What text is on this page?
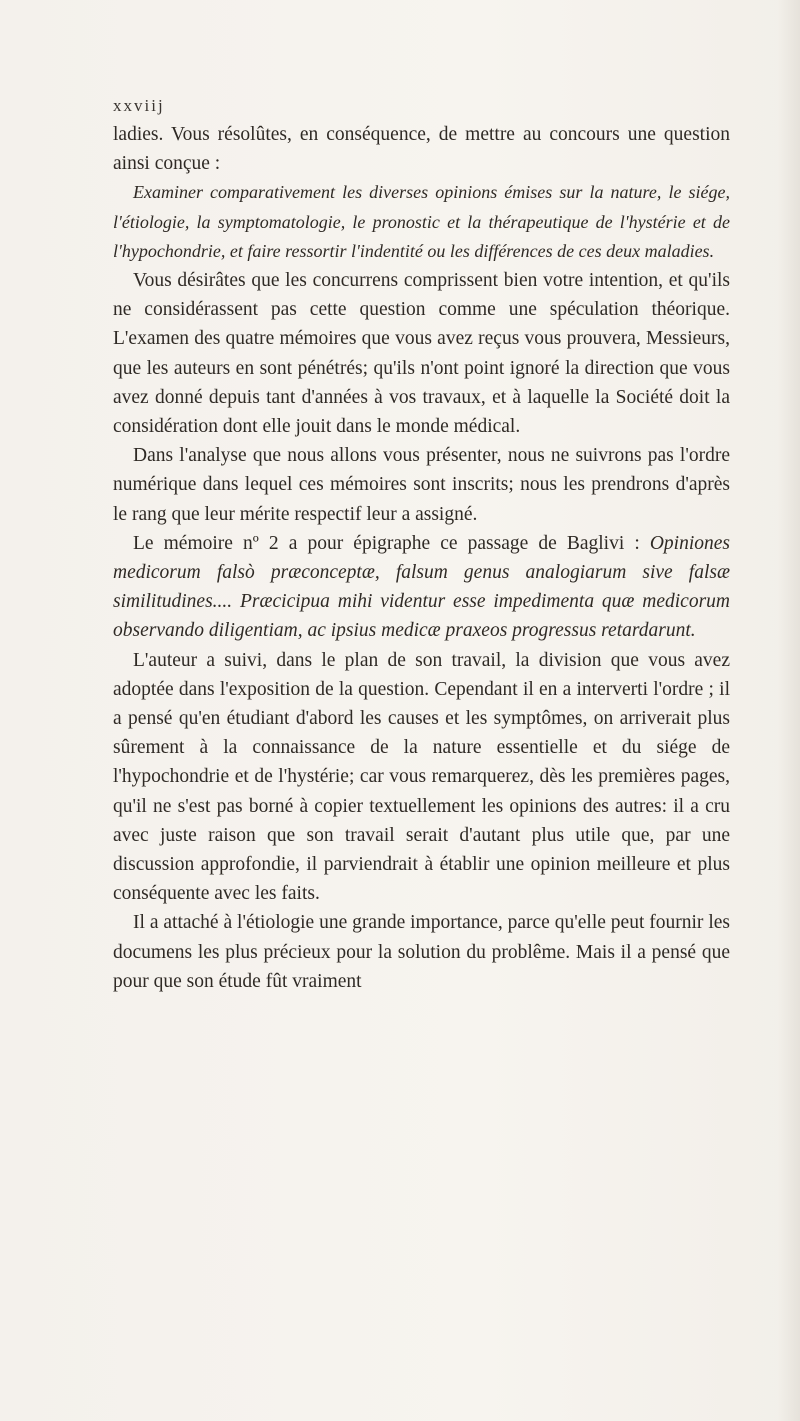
xxviij

ladies. Vous résolûtes, en conséquence, de mettre au concours une question ainsi conçue :

Examiner comparativement les diverses opinions émises sur la nature, le siége, l'étiologie, la symptomatologie, le pronostic et la thérapeutique de l'hystérie et de l'hypochondrie, et faire ressortir l'indentité ou les différences de ces deux maladies.

Vous désirâtes que les concurrens comprissent bien votre intention, et qu'ils ne considérassent pas cette question comme une spéculation théorique. L'examen des quatre mémoires que vous avez reçus vous prouvera, Messieurs, que les auteurs en sont pénétrés; qu'ils n'ont point ignoré la direction que vous avez donné depuis tant d'années à vos travaux, et à laquelle la Société doit la considération dont elle jouit dans le monde médical.

Dans l'analyse que nous allons vous présenter, nous ne suivrons pas l'ordre numérique dans lequel ces mémoires sont inscrits; nous les prendrons d'après le rang que leur mérite respectif leur a assigné.

Le mémoire nº 2 a pour épigraphe ce passage de Baglivi : Opiniones medicorum falsò præconceptæ, falsum genus analogiarum sive falsæ similitudines.... Præcicipua mihi videntur esse impedimenta quæ medicorum observando diligentiam, ac ipsius medicæ praxeos progressus retardarunt.

L'auteur a suivi, dans le plan de son travail, la division que vous avez adoptée dans l'exposition de la question. Cependant il en a interverti l'ordre ; il a pensé qu'en étudiant d'abord les causes et les symptômes, on arriverait plus sûrement à la connaissance de la nature essentielle et du siége de l'hypochondrie et de l'hystérie; car vous remarquerez, dès les premières pages, qu'il ne s'est pas borné à copier textuellement les opinions des autres: il a cru avec juste raison que son travail serait d'autant plus utile que, par une discussion approfondie, il parviendrait à établir une opinion meilleure et plus conséquente avec les faits.

Il a attaché à l'étiologie une grande importance, parce qu'elle peut fournir les documens les plus précieux pour la solution du problême. Mais il a pensé que pour que son étude fût vraiment
